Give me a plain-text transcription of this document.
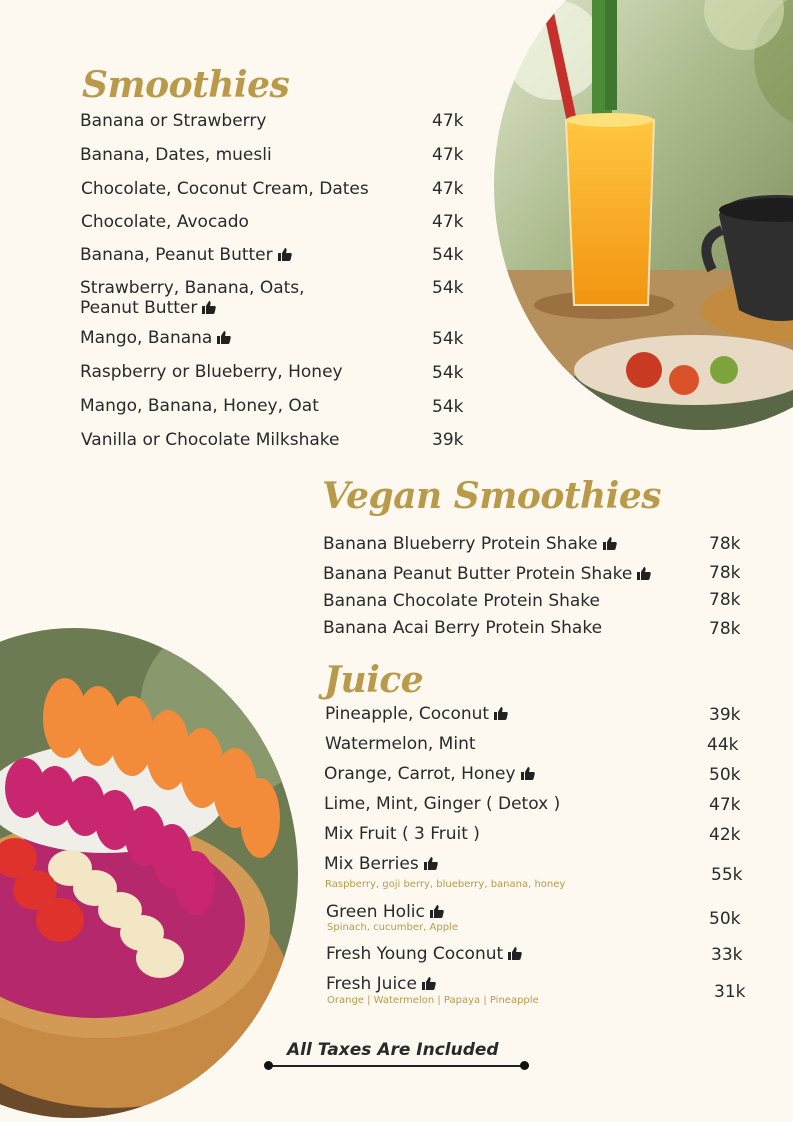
Smoothies
Banana or Strawberry	47k
Banana, Dates, muesli	47k
Chocolate, Coconut Cream, Dates	47k
Chocolate, Avocado	47k
Banana, Peanut Butter	54k
Strawberry, Banana, Oats,
Peanut Butter
54k
Mango, Banana	54k
Raspberry or Blueberry, Honey	54k
Mango, Banana, Honey, Oat	54k
Vanilla or Chocolate Milkshake	39k
Vegan Smoothies
Banana Blueberry Protein Shake	78k
Banana Peanut Butter Protein Shake	78k
Banana Chocolate Protein Shake	78k
Banana Acai Berry Protein Shake	78k
Juice
Pineapple, Coconut	39k
Watermelon, Mint	44k
Orange, Carrot, Honey	50k
Lime, Mint, Ginger ( Detox )	47k
Mix Fruit ( 3 Fruit )	42k
Mix Berries
Raspberry, goji berry, blueberry, banana, honey	55k
Green Holic
Spinach, cucumber, Apple	50k
Fresh Young Coconut	33k
Fresh Juice
Orange | Watermelon | Papaya | Pineapple	31k
All Taxes Are Included
